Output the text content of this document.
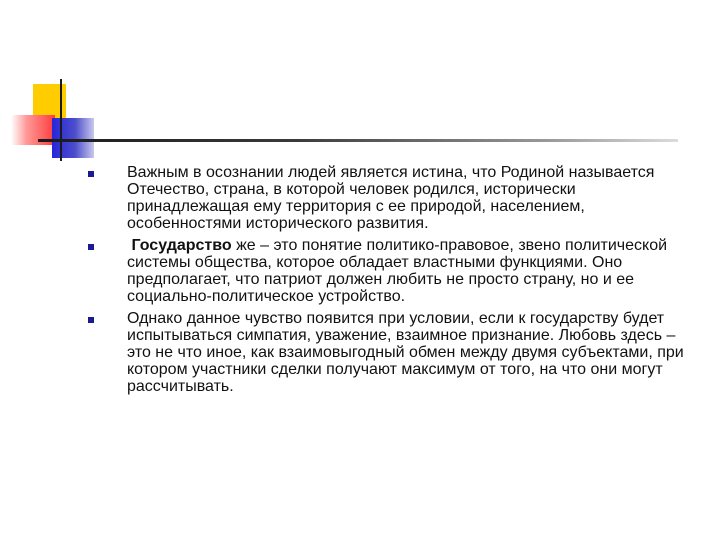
Важным в осознании людей является истина, что Родиной называется Отечество, страна, в которой человек родился, исторически принадлежащая ему территория с ее природой, населением, особенностями исторического развития.

Государство же – это понятие политико-правовое, звено политической системы общества, которое обладает властными функциями. Оно предполагает, что патриот должен любить не просто страну, но и ее социально-политическое устройство.

Однако данное чувство появится при условии, если к государству будет испытываться симпатия, уважение, взаимное признание. Любовь здесь – это не что иное, как взаимовыгодный обмен между двумя субъектами, при котором участники сделки получают максимум от того, на что они могут рассчитывать.
